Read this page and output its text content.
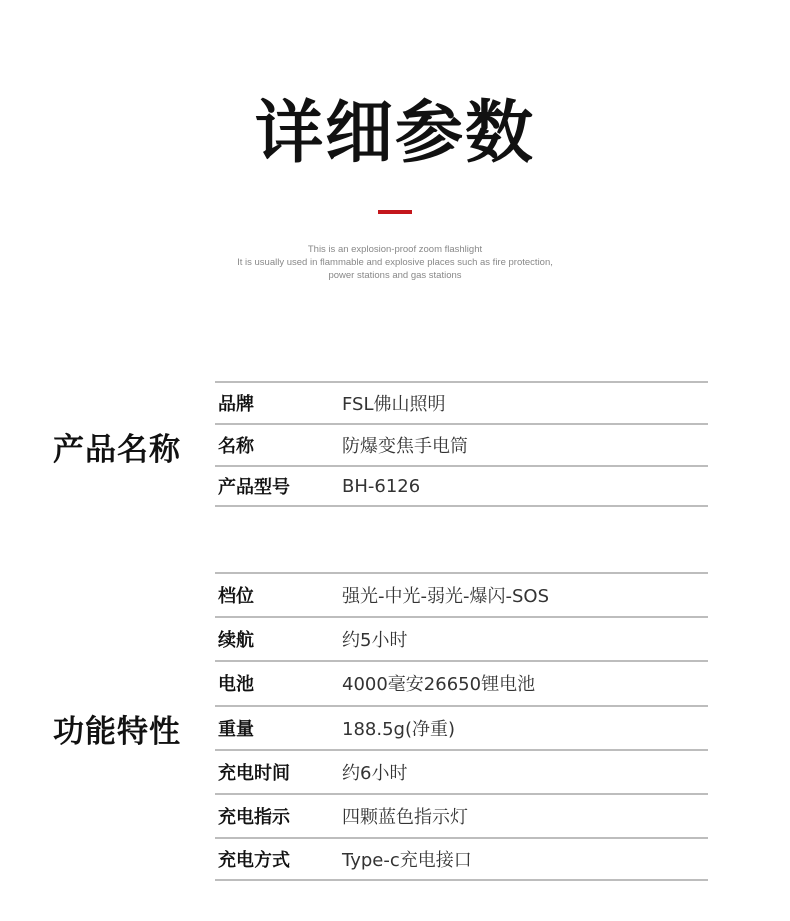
详细参数
This is an explosion-proof zoom flashlight
It is usually used in flammable and explosive places such as fire protection,
power stations and gas stations
产品名称
品牌	FSL佛山照明
名称	防爆变焦手电筒
产品型号	BH-6126
功能特性
档位	强光-中光-弱光-爆闪-SOS
续航	约5小时
电池	4000毫安26650锂电池
重量	188.5g(净重)
充电时间	约6小时
充电指示	四颗蓝色指示灯
充电方式	Type-c充电接口
